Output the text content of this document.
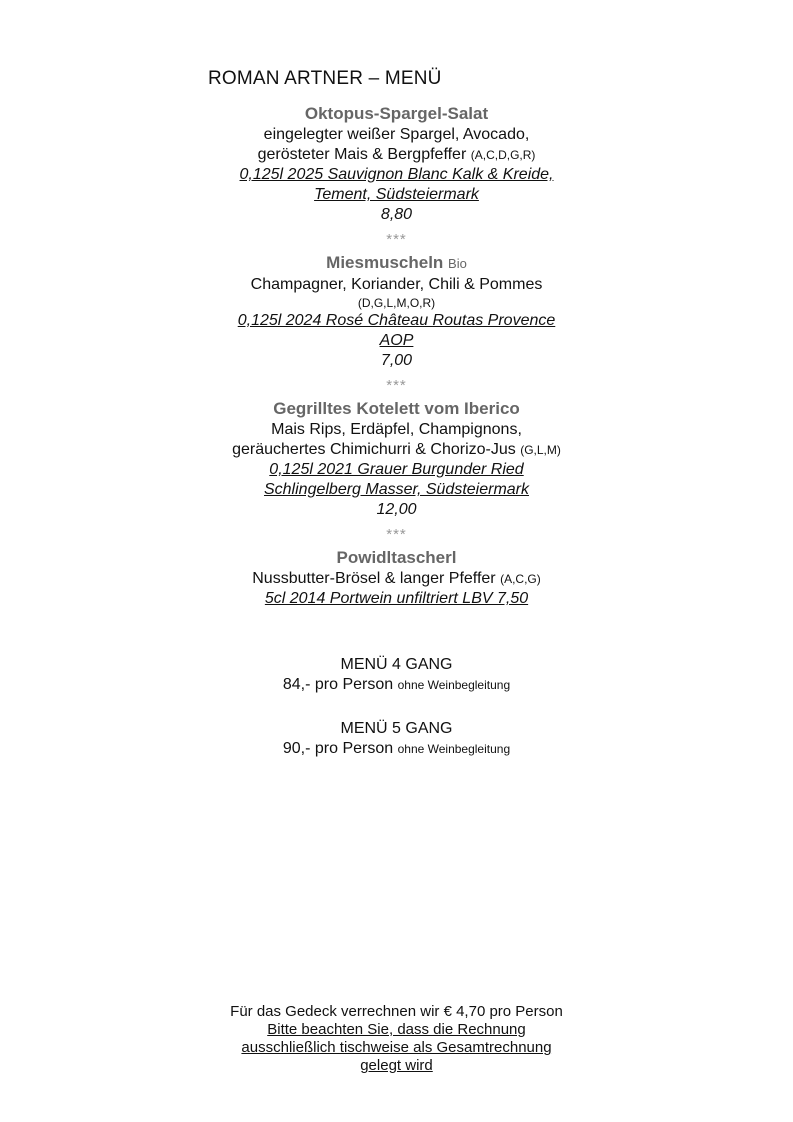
ROMAN ARTNER – MENÜ
Oktopus-Spargel-Salat
eingelegter weißer Spargel, Avocado,
gerösteter Mais & Bergpfeffer (A,C,D,G,R)
0,125l 2025 Sauvignon Blanc Kalk & Kreide,
Tement, Südsteiermark
8,80
***
Miesmuscheln Bio
Champagner, Koriander, Chili & Pommes
(D,G,L,M,O,R)
0,125l 2024 Rosé Château Routas Provence
AOP
7,00
***
Gegrilltes Kotelett vom Iberico
Mais Rips, Erdäpfel, Champignons,
geräuchertes Chimichurri & Chorizo-Jus (G,L,M)
0,125l 2021 Grauer Burgunder Ried
Schlingelberg Masser, Südsteiermark
12,00
***
Powidltascherl
Nussbutter-Brösel & langer Pfeffer (A,C,G)
5cl 2014 Portwein unfiltriert LBV 7,50
MENÜ 4 GANG
84,- pro Person ohne Weinbegleitung
MENÜ 5 GANG
90,- pro Person ohne Weinbegleitung
Für das Gedeck verrechnen wir € 4,70 pro Person
Bitte beachten Sie, dass die Rechnung
ausschließlich tischweise als Gesamtrechnung
gelegt wird
